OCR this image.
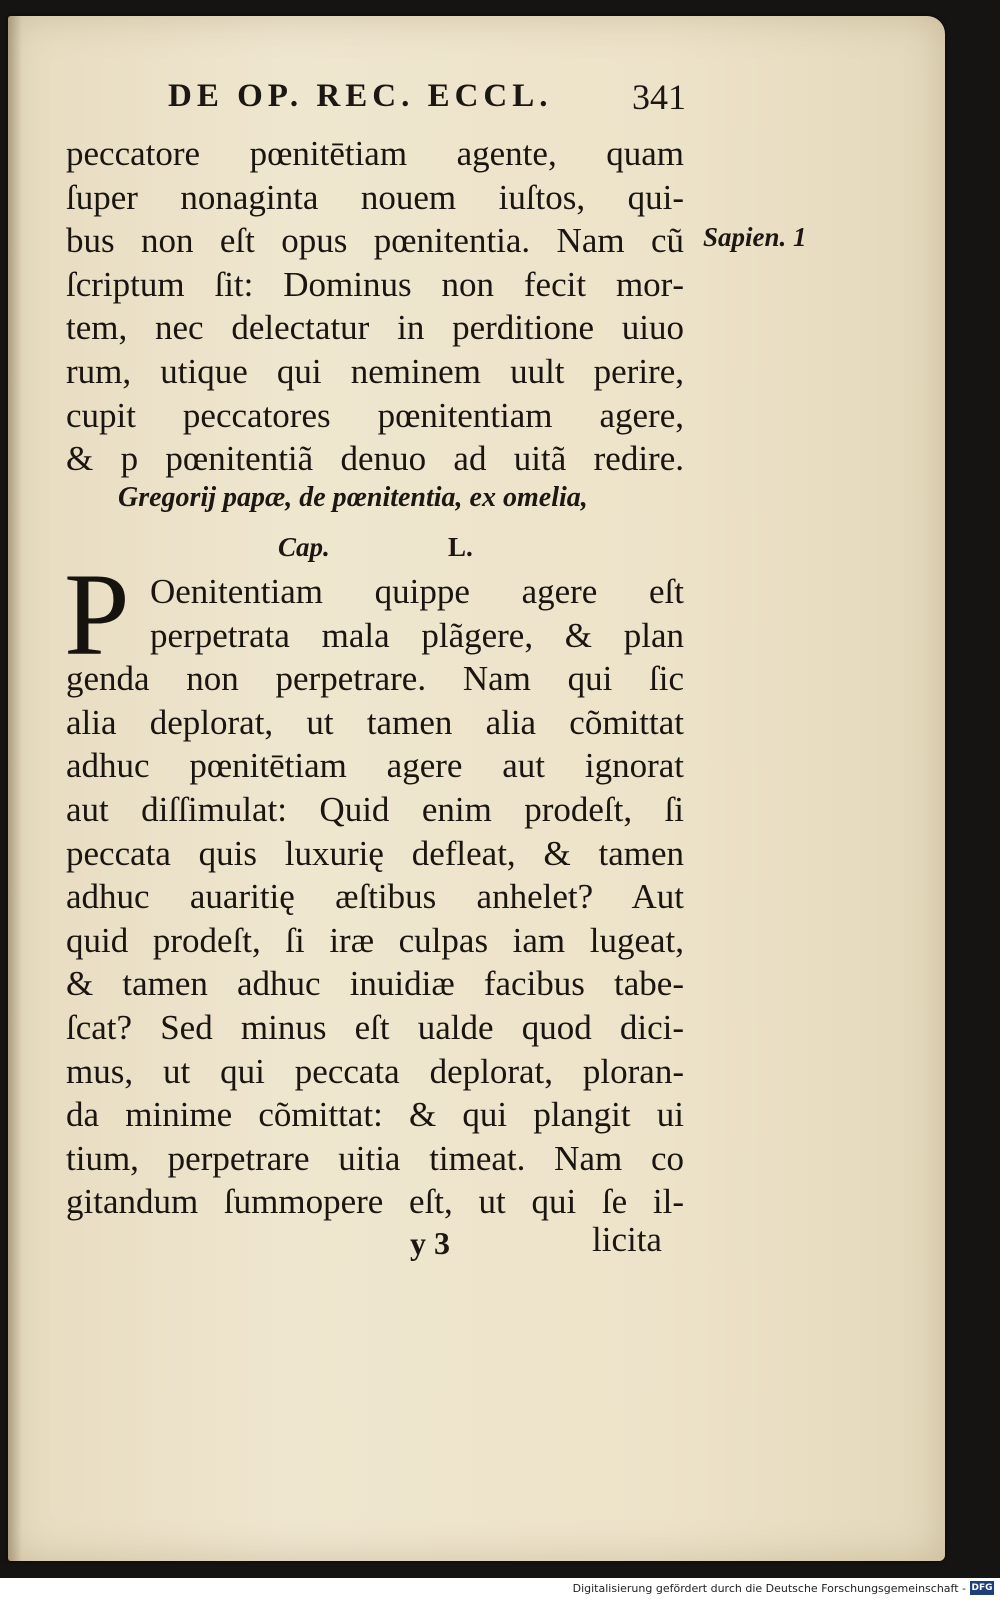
DE OP. REC. ECCL. 341
peccatore pœnitētiam agente, quam
ſuper nonaginta nouem iuſtos, qui‑
bus non eſt opus pœnitentia. Nam cũ
ſcriptum ſit: Dominus non fecit mor‑
tem, nec delectatur in perditione uiuo
rum, utique qui neminem uult perire,
cupit peccatores pœnitentiam agere,
& p pœnitentiã denuo ad uitã redire.
Sapien. 1
Gregorij papæ, de pœnitentia, ex omelia,
Cap.	L.
P Oenitentiam quippe agere eſt
perpetrata mala plãgere, & plan
genda non perpetrare. Nam qui ſic
alia deplorat, ut tamen alia cõmittat
adhuc pœnitētiam agere aut ignorat
aut diſſimulat: Quid enim prodeſt, ſi
peccata quis luxurię defleat, & tamen
adhuc auaritię æſtibus anhelet? Aut
quid prodeſt, ſi iræ culpas iam lugeat,
& tamen adhuc inuidiæ facibus tabe‑
ſcat? Sed minus eſt ualde quod dici‑
mus, ut qui peccata deplorat, ploran‑
da minime cõmittat: & qui plangit ui
tium, perpetrare uitia timeat. Nam co
gitandum ſummopere eſt, ut qui ſe il‑
y 3	licita
Digitalisierung gefördert durch die Deutsche Forschungsgemeinschaft - DFG
